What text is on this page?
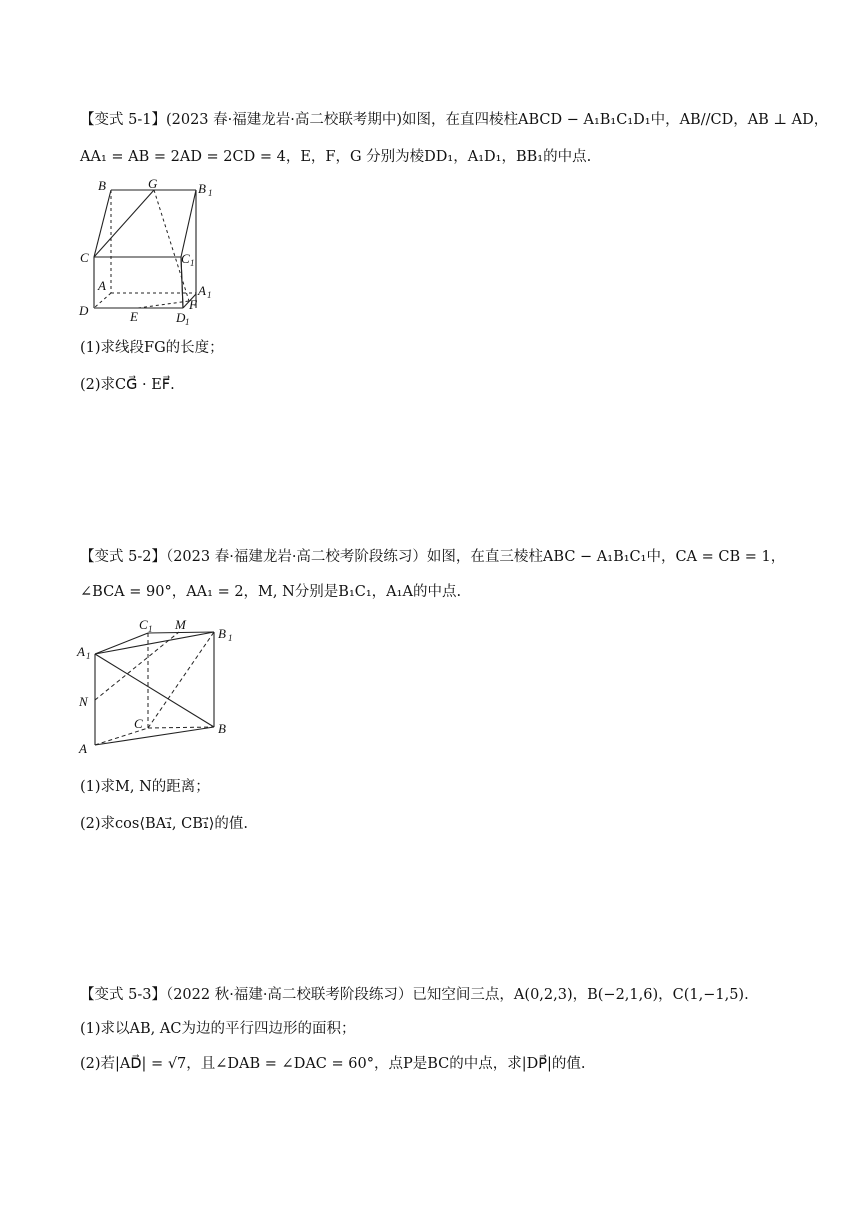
【变式 5-1】(2023 春·福建龙岩·高二校联考期中)如图，在直四棱柱ABCD − A₁B₁C₁D₁中，AB//CD，AB ⊥ AD，
AA₁ = AB = 2AD = 2CD = 4，E，F，G 分别为棱DD₁，A₁D₁，BB₁的中点.
B	G	B 1
C	C 1
A	A 1
D	E	D 1
F
(1)求线段FG的长度；
(2)求CG⃗ · EF⃗.
【变式 5-2】（2023 春·福建龙岩·高二校考阶段练习）如图，在直三棱柱ABC − A₁B₁C₁中，CA = CB = 1，
∠BCA = 90°，AA₁ = 2，M, N分别是B₁C₁，A₁A的中点.
C 1 M
B 1
A 1
N
C	B
A
(1)求M, N的距离；
(2)求cos⟨BA₁⃗, CB₁⃗⟩的值.
【变式 5-3】（2022 秋·福建·高二校联考阶段练习）已知空间三点，A(0,2,3)，B(−2,1,6)，C(1,−1,5).
(1)求以AB, AC为边的平行四边形的面积；
(2)若|AD⃗| = √7，且∠DAB = ∠DAC = 60°，点P是BC的中点，求|DP⃗|的值.
